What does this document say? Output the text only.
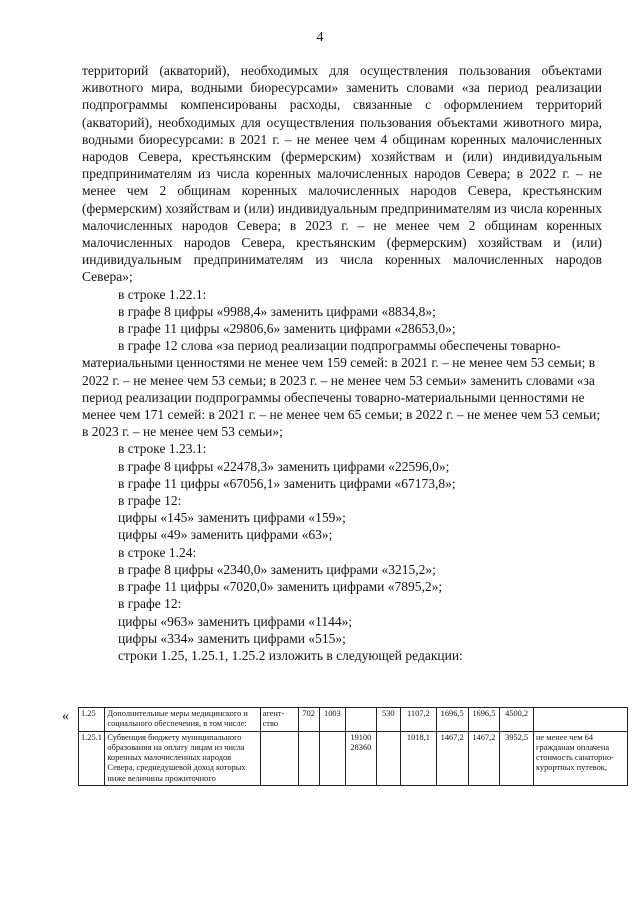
4

территорий (акваторий), необходимых для осуществления пользования объектами животного мира, водными биоресурсами» заменить словами «за период реализации подпрограммы компенсированы расходы, связанные с оформлением территорий (акваторий), необходимых для осуществления пользования объектами животного мира, водными биоресурсами: в 2021 г. – не менее чем 4 общинам коренных малочисленных народов Севера, крестьянским (фермерским) хозяйствам и (или) индивидуальным предпринимателям из числа коренных малочисленных народов Севера; в 2022 г. – не менее чем 2 общинам коренных малочисленных народов Севера, крестьянским (фермерским) хозяйствам и (или) индивидуальным предпринимателям из числа коренных малочисленных народов Севера; в 2023 г. – не менее чем 2 общинам коренных малочисленных народов Севера, крестьянским (фермерским) хозяйствам и (или) индивидуальным предпринимателям из числа коренных малочисленных народов Севера»;

в строке 1.22.1:

в графе 8 цифры «9988,4» заменить цифрами «8834,8»;

в графе 11 цифры «29806,6» заменить цифрами «28653,0»;

в графе 12 слова «за период реализации подпрограммы обеспечены товарно-материальными ценностями не менее чем 159 семей: в 2021 г. – не менее чем 53 семьи; в 2022 г. – не менее чем 53 семьи; в 2023 г. – не менее чем 53 семьи» заменить словами «за период реализации подпрограммы обеспечены товарно-материальными ценностями не менее чем 171 семей: в 2021 г. – не менее чем 65 семьи; в 2022 г. – не менее чем 53 семьи; в 2023 г. – не менее чем 53 семьи»;

в строке 1.23.1:

в графе 8 цифры «22478,3» заменить цифрами «22596,0»;

в графе 11 цифры «67056,1» заменить цифрами «67173,8»;

в графе 12:

цифры «145» заменить цифрами «159»;

цифры «49» заменить цифрами «63»;

в строке 1.24:

в графе 8 цифры «2340,0» заменить цифрами «3215,2»;

в графе 11 цифры «7020,0» заменить цифрами «7895,2»;

в графе 12:

цифры «963» заменить цифрами «1144»;

цифры «334» заменить цифрами «515»;

строки 1.25, 1.25.1, 1.25.2 изложить в следующей редакции:

« 1.25	Дополнительные меры медицинского и социального обеспечения, в том числе:	агент-ство	702	1003		530	1107,2	1696,5	1696,5	4500,2	
1.25.1	Субвенция бюджету муниципального образования на оплату лицам из числа коренных малочисленных народов Севера, среднедушевой доход которых ниже величины прожиточного				19100 28360		1018,1	1467,2	1467,2	3952,5	не менее чем 64 гражданам оплачена стоимость санаторно-курортных путевок,
